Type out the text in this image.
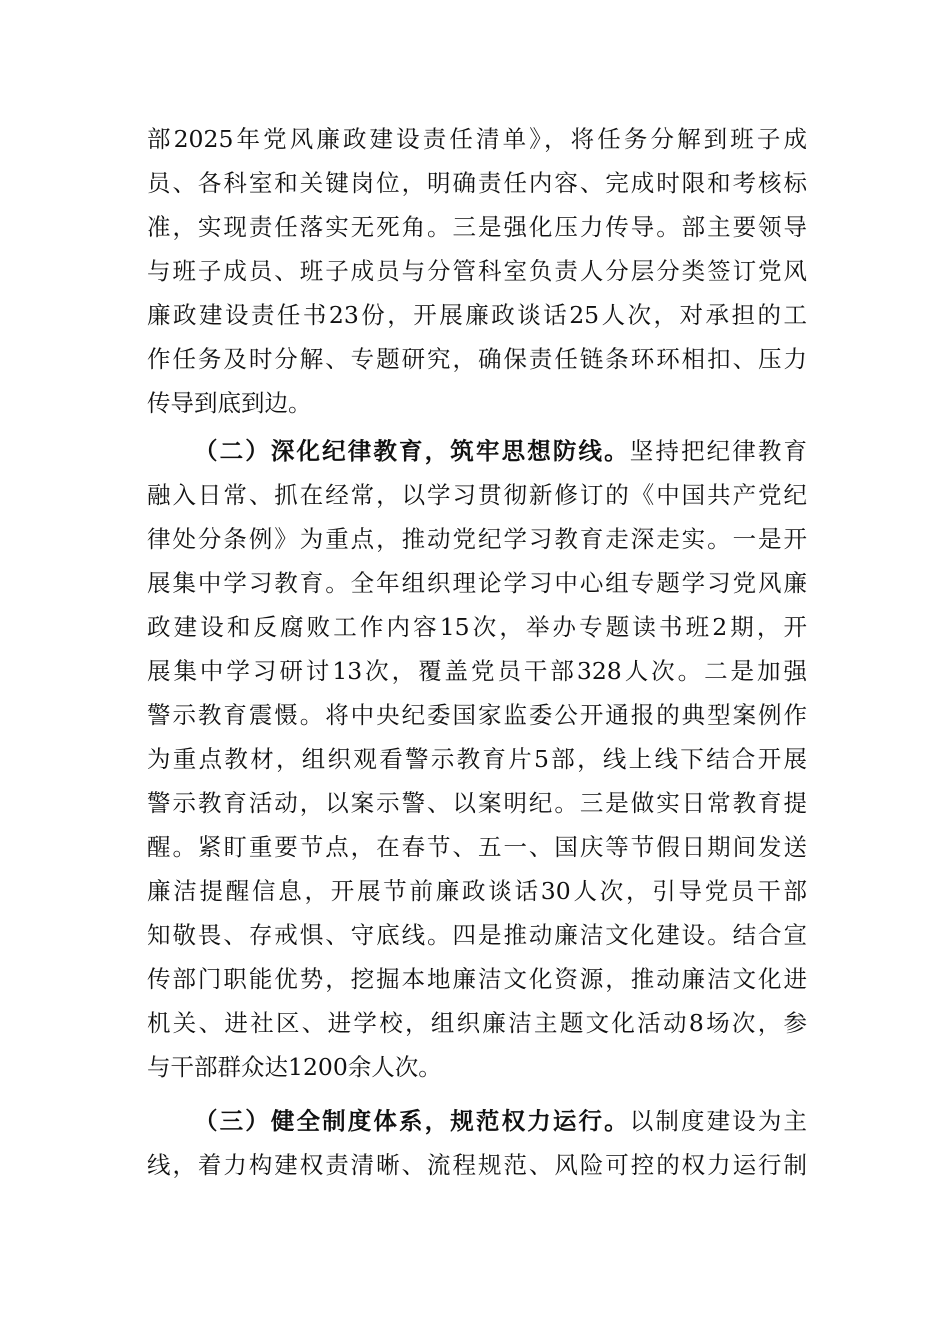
部2025年党风廉政建设责任清单》，将任务分解到班子成
员、各科室和关键岗位，明确责任内容、完成时限和考核标
准，实现责任落实无死角。三是强化压力传导。部主要领导
与班子成员、班子成员与分管科室负责人分层分类签订党风
廉政建设责任书23份，开展廉政谈话25人次，对承担的工
作任务及时分解、专题研究，确保责任链条环环相扣、压力
传导到底到边。
（二）深化纪律教育，筑牢思想防线。坚持把纪律教育
融入日常、抓在经常，以学习贯彻新修订的《中国共产党纪
律处分条例》为重点，推动党纪学习教育走深走实。一是开
展集中学习教育。全年组织理论学习中心组专题学习党风廉
政建设和反腐败工作内容15次，举办专题读书班2期，开
展集中学习研讨13次，覆盖党员干部328人次。二是加强
警示教育震慑。将中央纪委国家监委公开通报的典型案例作
为重点教材，组织观看警示教育片5部，线上线下结合开展
警示教育活动，以案示警、以案明纪。三是做实日常教育提
醒。紧盯重要节点，在春节、五一、国庆等节假日期间发送
廉洁提醒信息，开展节前廉政谈话30人次，引导党员干部
知敬畏、存戒惧、守底线。四是推动廉洁文化建设。结合宣
传部门职能优势，挖掘本地廉洁文化资源，推动廉洁文化进
机关、进社区、进学校，组织廉洁主题文化活动8场次，参
与干部群众达1200余人次。
（三）健全制度体系，规范权力运行。以制度建设为主
线，着力构建权责清晰、流程规范、风险可控的权力运行制
